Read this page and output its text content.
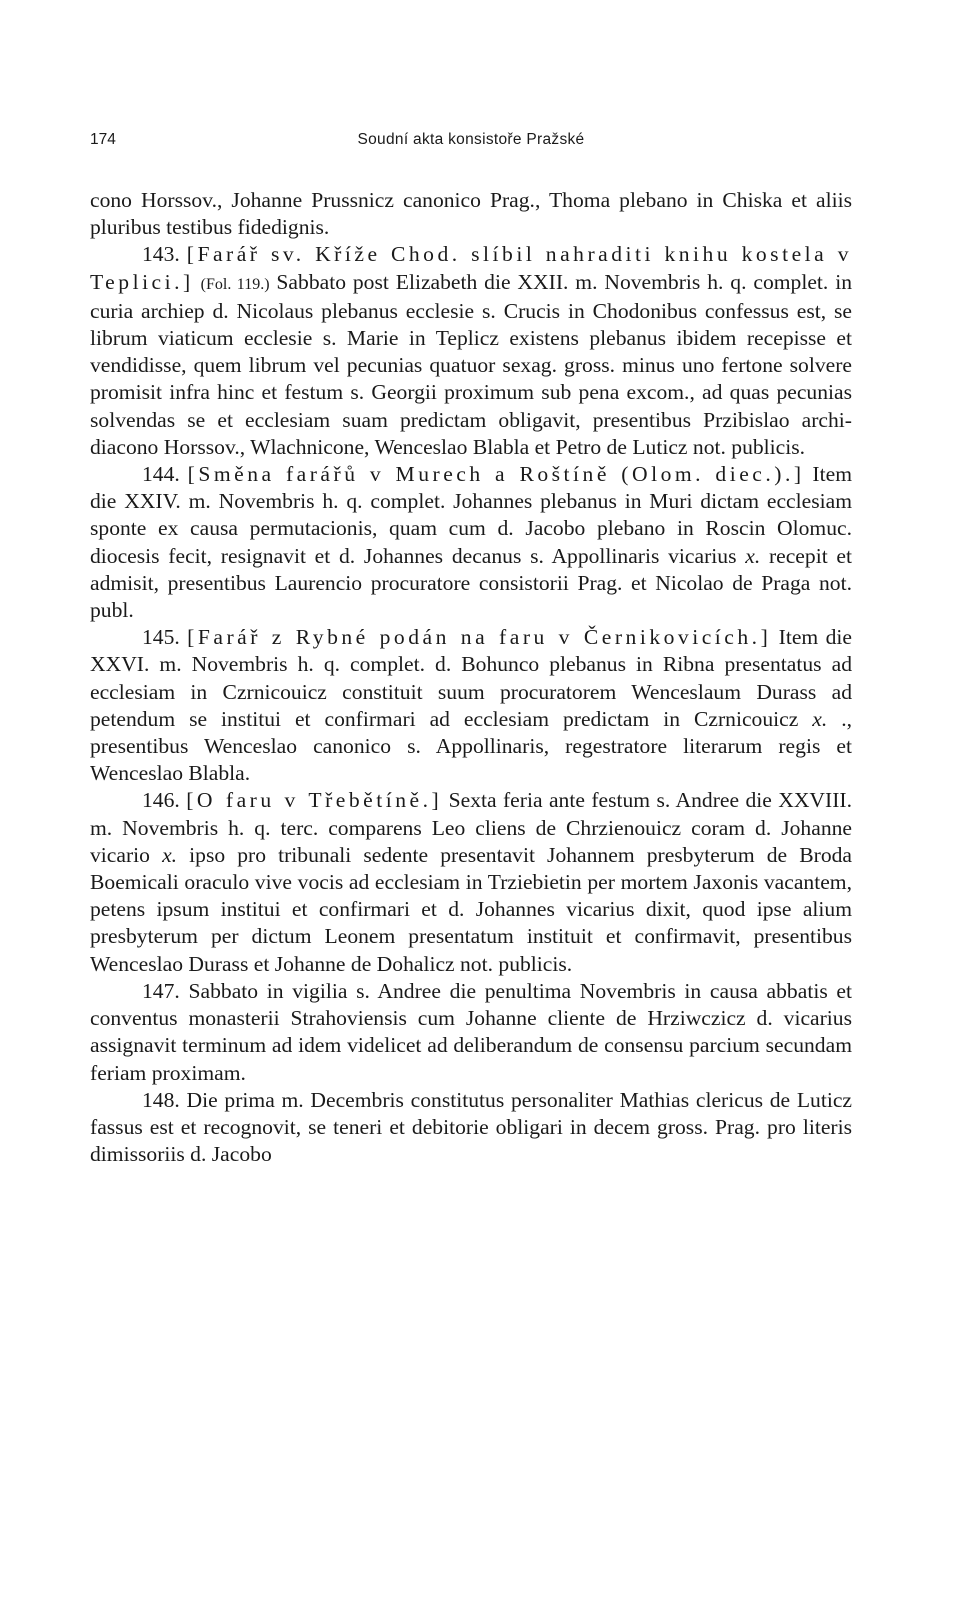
174	Soudní akta konsistoře Pražské

cono Horssov., Johanne Prussnicz canonico Prag., Thoma plebano in Chiska et aliis pluribus testibus fidedignis.

143. [Farář sv. Kříže Chod. slíbil nahraditi knihu kostela v Teplici.] (Fol. 119.) Sabbato post Elizabeth die XXII. m. Novembris h. q. complet. in curia archiep d. Nicolaus plebanus ecclesie s. Crucis in Chodonibus confessus est, se librum viaticum ecclesie s. Marie in Teplicz existens plebanus ibidem recepisse et vendidisse, quem librum vel pecunias quatuor sexag. gross. minus uno fertone solvere promisit infra hinc et festum s. Georgii proximum sub pena excom., ad quas pecunias solvendas se et ecclesiam suam predictam obligavit, presentibus Przibislao archidiacono Horssov., Wlachnicone, Wenceslao Blabla et Petro de Luticz not. publicis.

144. [Směna farářů v Murech a Roštíně (Olom. diec.).] Item die XXIV. m. Novembris h. q. complet. Johannes plebanus in Muri dictam ecclesiam sponte ex causa permutacionis, quam cum d. Jacobo plebano in Roscin Olomuc. diocesis fecit, resignavit et d. Johannes decanus s. Appollinaris vicarius x. recepit et admisit, presentibus Laurencio procuratore consistorii Prag. et Nicolao de Praga not. publ.

145. [Farář z Rybné podán na faru v Černikovicích.] Item die XXVI. m. Novembris h. q. complet. d. Bohunco plebanus in Ribna presentatus ad ecclesiam in Czrnicouicz constituit suum procuratorem Wenceslaum Durass ad petendum se institui et confirmari ad ecclesiam predictam in Czrnicouicz x. ., presentibus Wenceslao canonico s. Appollinaris, regestratore literarum regis et Wenceslao Blabla.

146. [O faru v Třebětíně.] Sexta feria ante festum s. Andree die XXVIII. m. Novembris h. q. terc. comparens Leo cliens de Chrzienouicz coram d. Johanne vicario x. ipso pro tribunali sedente presentavit Johannem presbyterum de Broda Boemicali oraculo vive vocis ad ecclesiam in Trziebietin per mortem Jaxonis vacantem, petens ipsum institui et confirmari et d. Johannes vicarius dixit, quod ipse alium presbyterum per dictum Leonem presentatum instituit et confirmavit, presentibus Wenceslao Durass et Johanne de Dohalicz not. publicis.

147. Sabbato in vigilia s. Andree die penultima Novembris in causa abbatis et conventus monasterii Strahoviensis cum Johanne cliente de Hrziwczicz d. vicarius assignavit terminum ad idem videlicet ad deliberandum de consensu parcium secundam feriam proximam.

148. Die prima m. Decembris constitutus personaliter Mathias clericus de Luticz fassus est et recognovit, se teneri et debitorie obligari in decem gross. Prag. pro literis dimissoriis d. Jacobo
